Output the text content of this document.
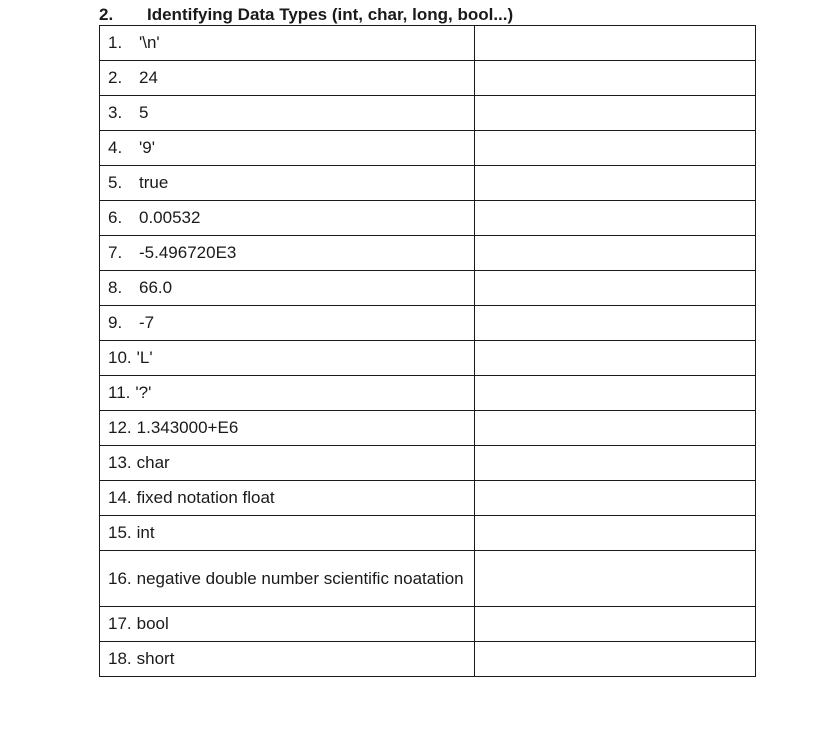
2. Identifying Data Types (int, char, long, bool...)
1. '\n'	
2. 24	
3. 5	
4. '9'	
5. true	
6. 0.00532	
7. -5.496720E3	
8. 66.0	
9. -7	
10. 'L'	
11. '?'	
12. 1.343000+E6	
13. char	
14. fixed notation float	
15. int	
16. negative double number scientific noatation	
17. bool	
18. short	
